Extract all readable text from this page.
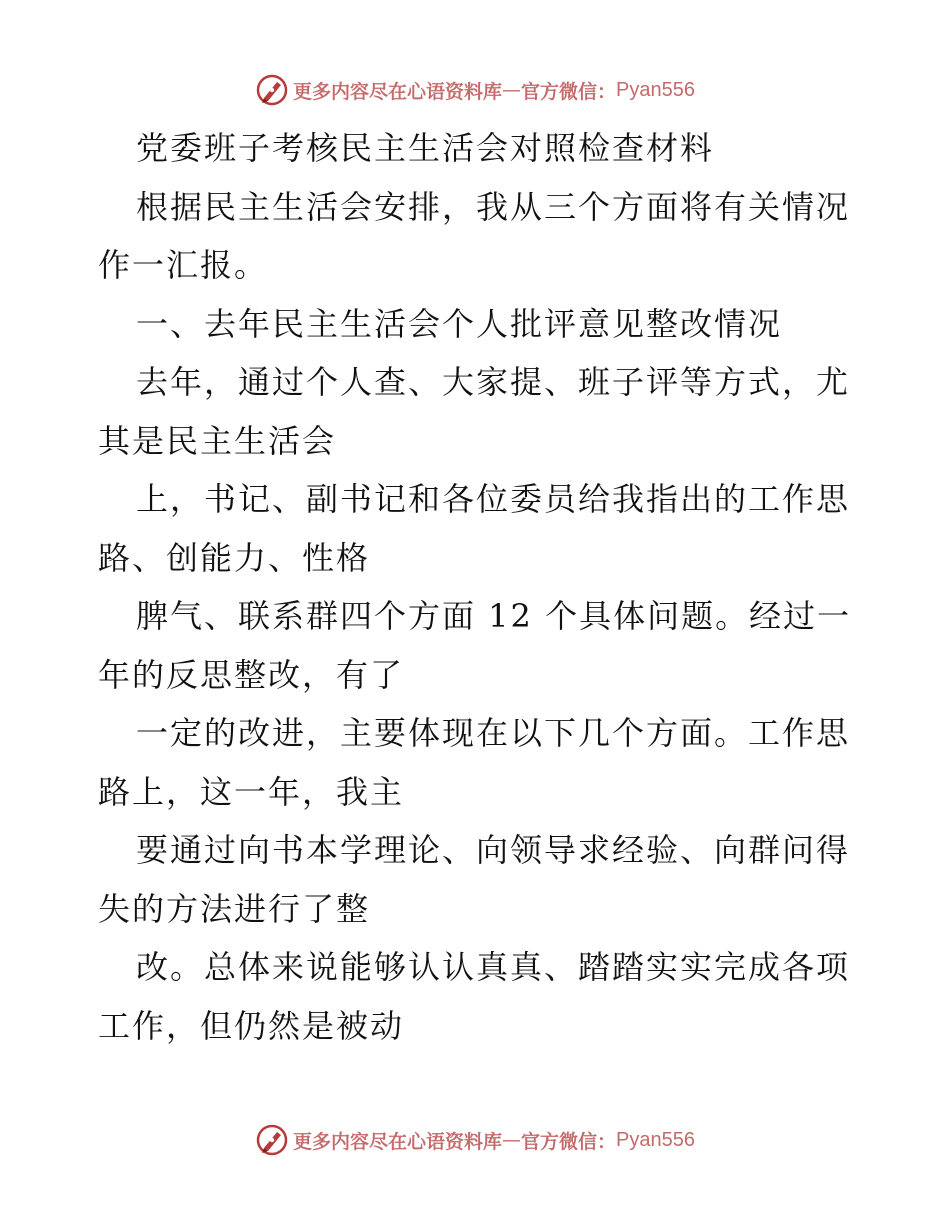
更多内容尽在心语资料库 — 官方微信： Pyan556
党委班子考核民主生活会对照检查材料
根据民主生活会安排，我从三个方面将有关情况
作一汇报。
一、去年民主生活会个人批评意见整改情况
去年，通过个人查、大家提、班子评等方式，尤
其是民主生活会
上，书记、副书记和各位委员给我指出的工作思
路、创能力、性格
脾气、联系群四个方面 12 个具体问题。经过一
年的反思整改，有了
一定的改进，主要体现在以下几个方面。工作思
路上，这一年，我主
要通过向书本学理论、向领导求经验、向群问得
失的方法进行了整
改。总体来说能够认认真真、踏踏实实完成各项
工作，但仍然是被动
更多内容尽在心语资料库 — 官方微信： Pyan556
